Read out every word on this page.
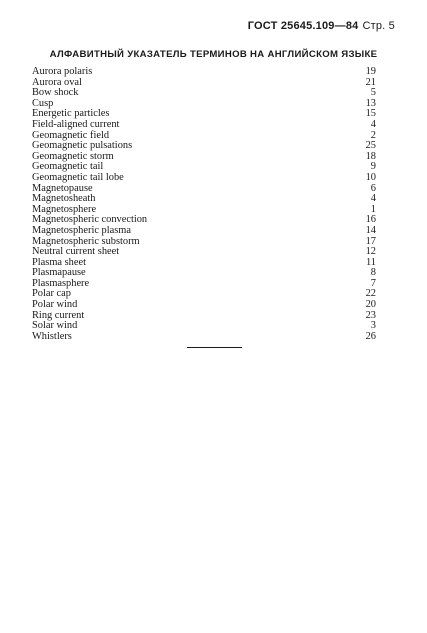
ГОСТ 25645.109—84 Стр. 5
АЛФАВИТНЫЙ УКАЗАТЕЛЬ ТЕРМИНОВ НА АНГЛИЙСКОМ ЯЗЫКЕ
Aurora polaris	19
Aurora oval	21
Bow shock	5
Cusp	13
Energetic particles	15
Field-aligned current	4
Geomagnetic field	2
Geomagnetic pulsations	25
Geomagnetic storm	18
Geomagnetic tail	9
Geomagnetic tail lobe	10
Magnetopause	6
Magnetosheath	4
Magnetosphere	1
Magnetospheric convection	16
Magnetospheric plasma	14
Magnetospheric substorm	17
Neutral current sheet	12
Plasma sheet	11
Plasmapause	8
Plasmasphere	7
Polar cap	22
Polar wind	20
Ring current	23
Solar wind	3
Whistlers	26
